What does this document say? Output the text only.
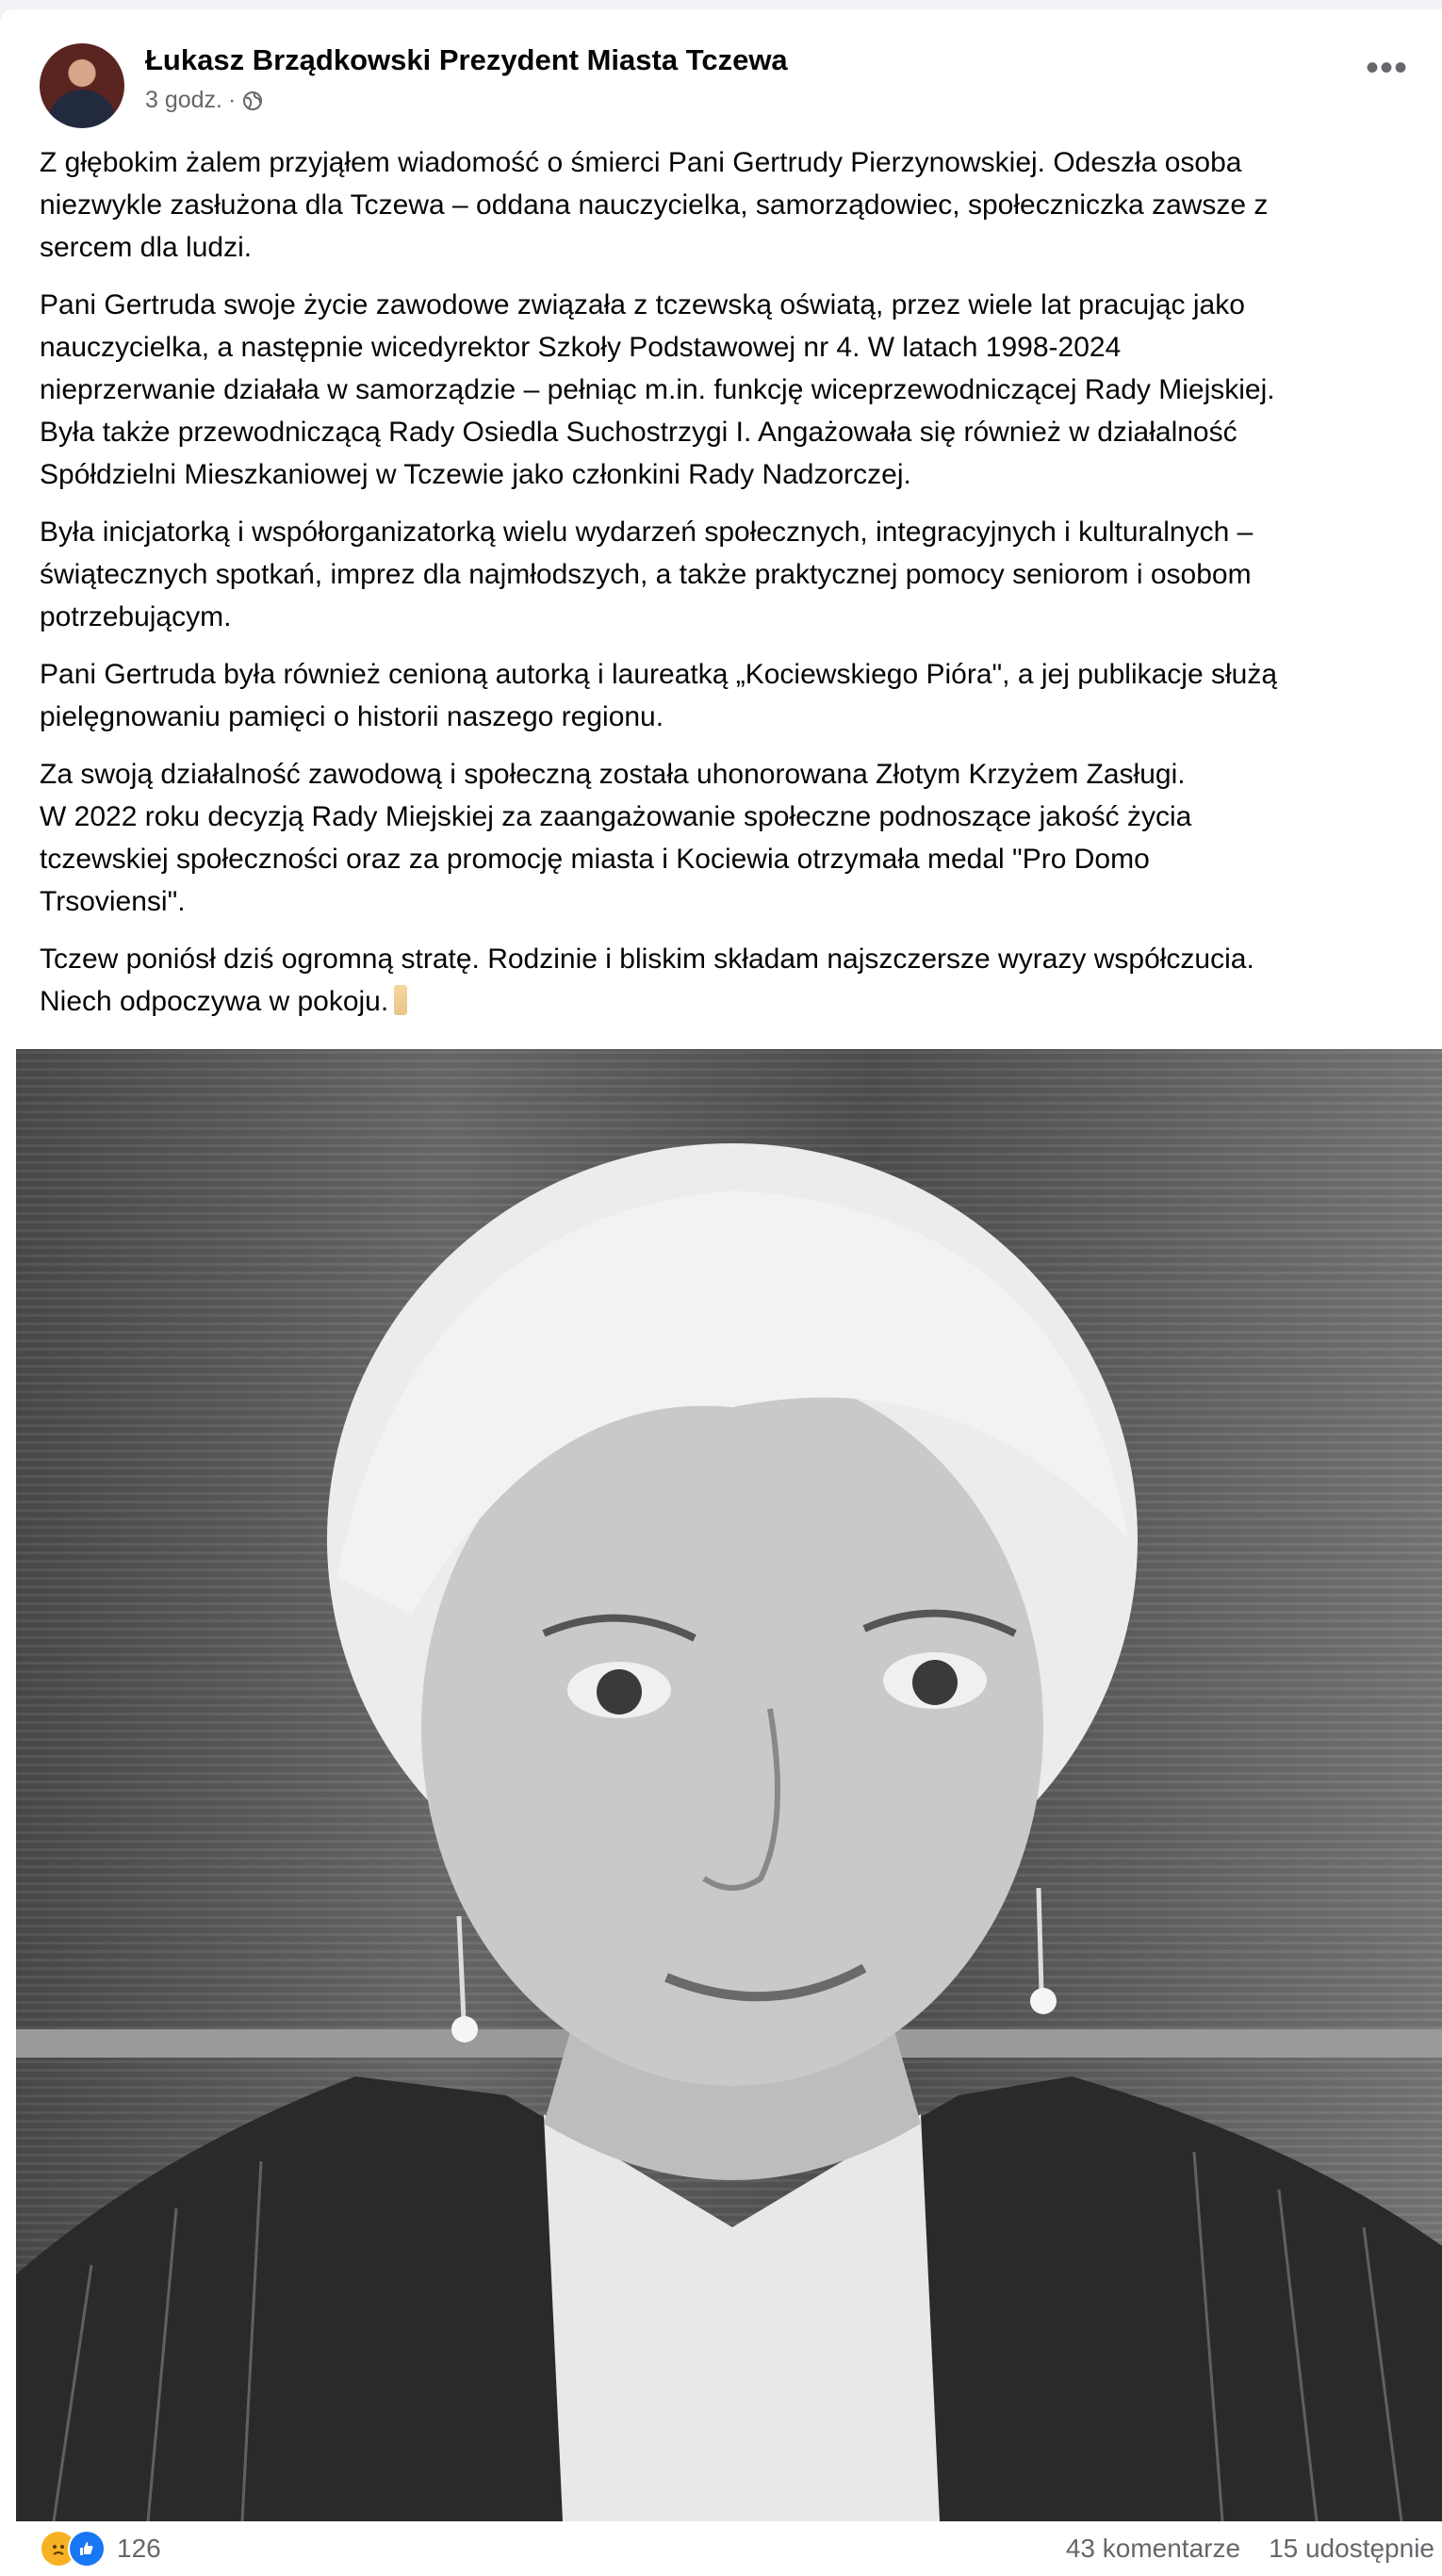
Łukasz Brządkowski Prezydent Miasta Tczewa
3 godz. ·
•••

Z głębokim żalem przyjąłem wiadomość o śmierci Pani Gertrudy Pierzynowskiej. Odeszła osoba
niezwykle zasłużona dla Tczewa – oddana nauczycielka, samorządowiec, społeczniczka zawsze z
sercem dla ludzi.

Pani Gertruda swoje życie zawodowe związała z tczewską oświatą, przez wiele lat pracując jako
nauczycielka, a następnie wicedyrektor Szkoły Podstawowej nr 4. W latach 1998-2024
nieprzerwanie działała w samorządzie – pełniąc m.in. funkcję wiceprzewodniczącej Rady Miejskiej.
Była także przewodniczącą Rady Osiedla Suchostrzygi I. Angażowała się również w działalność
Spółdzielni Mieszkaniowej w Tczewie jako członkini Rady Nadzorczej.

Była inicjatorką i współorganizatorką wielu wydarzeń społecznych, integracyjnych i kulturalnych –
świątecznych spotkań, imprez dla najmłodszych, a także praktycznej pomocy seniorom i osobom
potrzebującym.

Pani Gertruda była również cenioną autorką i laureatką „Kociewskiego Pióra", a jej publikacje służą
pielęgnowaniu pamięci o historii naszego regionu.

Za swoją działalność zawodową i społeczną została uhonorowana Złotym Krzyżem Zasługi.
W 2022 roku decyzją Rady Miejskiej za zaangażowanie społeczne podnoszące jakość życia
tczewskiej społeczności oraz za promocję miasta i Kociewia otrzymała medal "Pro Domo
Trsoviensi".

Tczew poniósł dziś ogromną stratę. Rodzinie i bliskim składam najszczersze wyrazy współczucia.
Niech odpoczywa w pokoju.

126	43 komentarze 15 udostępnie
